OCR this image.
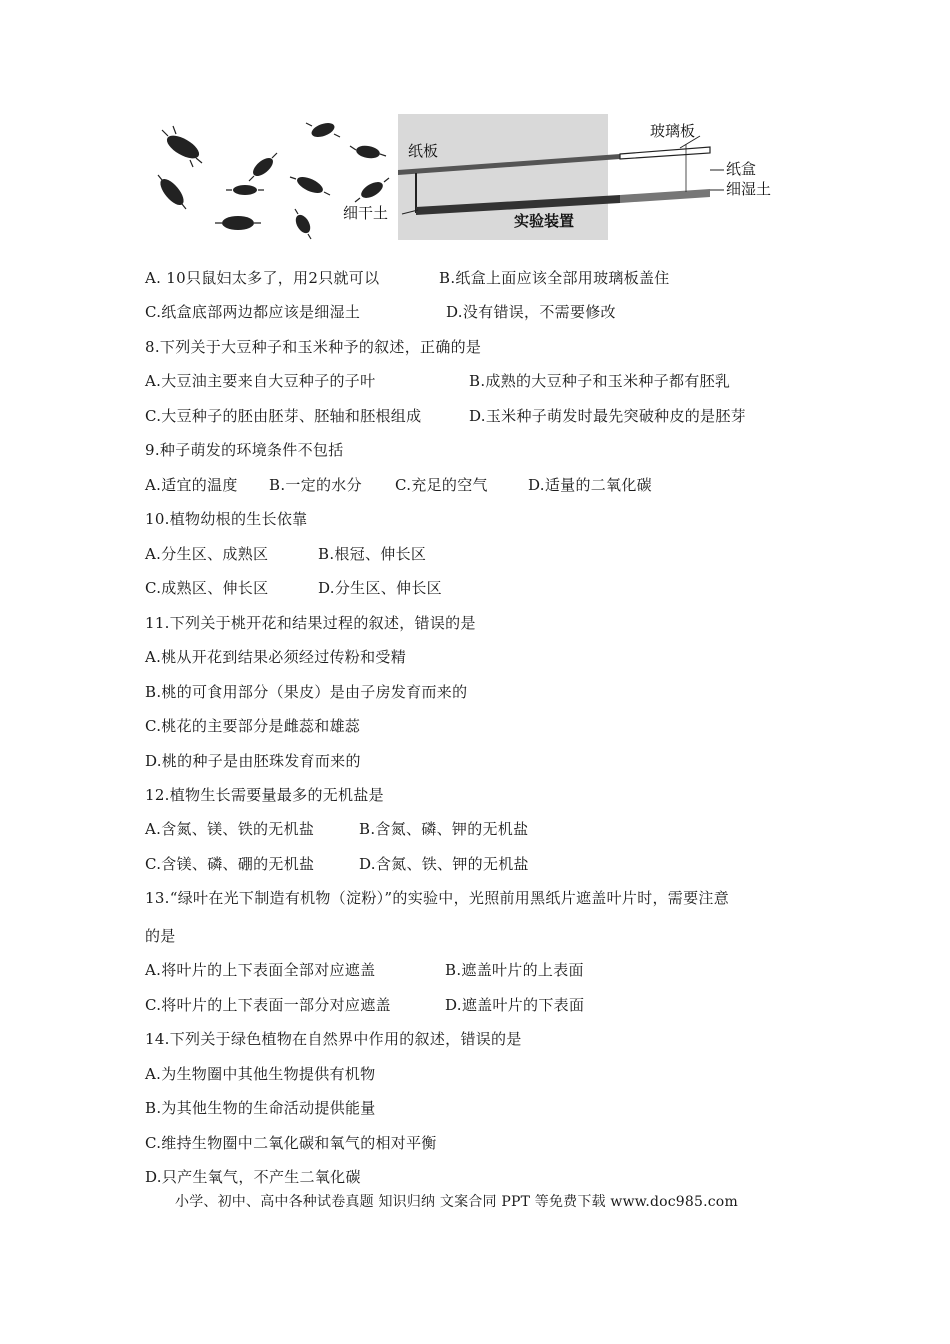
玻璃板
纸板
纸盒
细湿土
细干土	实验装置
A. 10只鼠妇太多了，用2只就可以	B.纸盒上面应该全部用玻璃板盖住
C.纸盒底部两边都应该是细湿土	D.没有错误，不需要修改
8.下列关于大豆种子和玉米种予的叙述，正确的是
A.大豆油主要来自大豆种子的子叶	B.成熟的大豆种子和玉米种子都有胚乳
C.大豆种子的胚由胚芽、胚轴和胚根组成	D.玉米种子萌发时最先突破种皮的是胚芽
9.种子萌发的环境条件不包括
A.适宜的温度 B.一定的水分 C.充足的空气	D.适量的二氧化碳
10.植物幼根的生长依靠
A.分生区、成熟区	B.根冠、伸长区
C.成熟区、伸长区	D.分生区、伸长区
11.下列关于桃开花和结果过程的叙述，错误的是
A.桃从开花到结果必须经过传粉和受精
B.桃的可食用部分（果皮）是由子房发育而来的
C.桃花的主要部分是雌蕊和雄蕊
D.桃的种子是由胚珠发育而来的
12.植物生长需要量最多的无机盐是
A.含氮、镁、铁的无机盐	B.含氮、磷、钾的无机盐
C.含镁、磷、硼的无机盐	D.含氮、铁、钾的无机盐
13.“绿叶在光下制造有机物（淀粉）”的实验中，光照前用黑纸片遮盖叶片时，需要注意
的是
A.将叶片的上下表面全部对应遮盖	B.遮盖叶片的上表面
C.将叶片的上下表面一部分对应遮盖	D.遮盖叶片的下表面
14.下列关于绿色植物在自然界中作用的叙述，错误的是
A.为生物圈中其他生物提供有机物
B.为其他生物的生命活动提供能量
C.维持生物圈中二氧化碳和氧气的相对平衡
D.只产生氧气，不产生二氧化碳
小学、初中、高中各种试卷真题 知识归纳 文案合同 PPT 等免费下载 www.doc985.com
